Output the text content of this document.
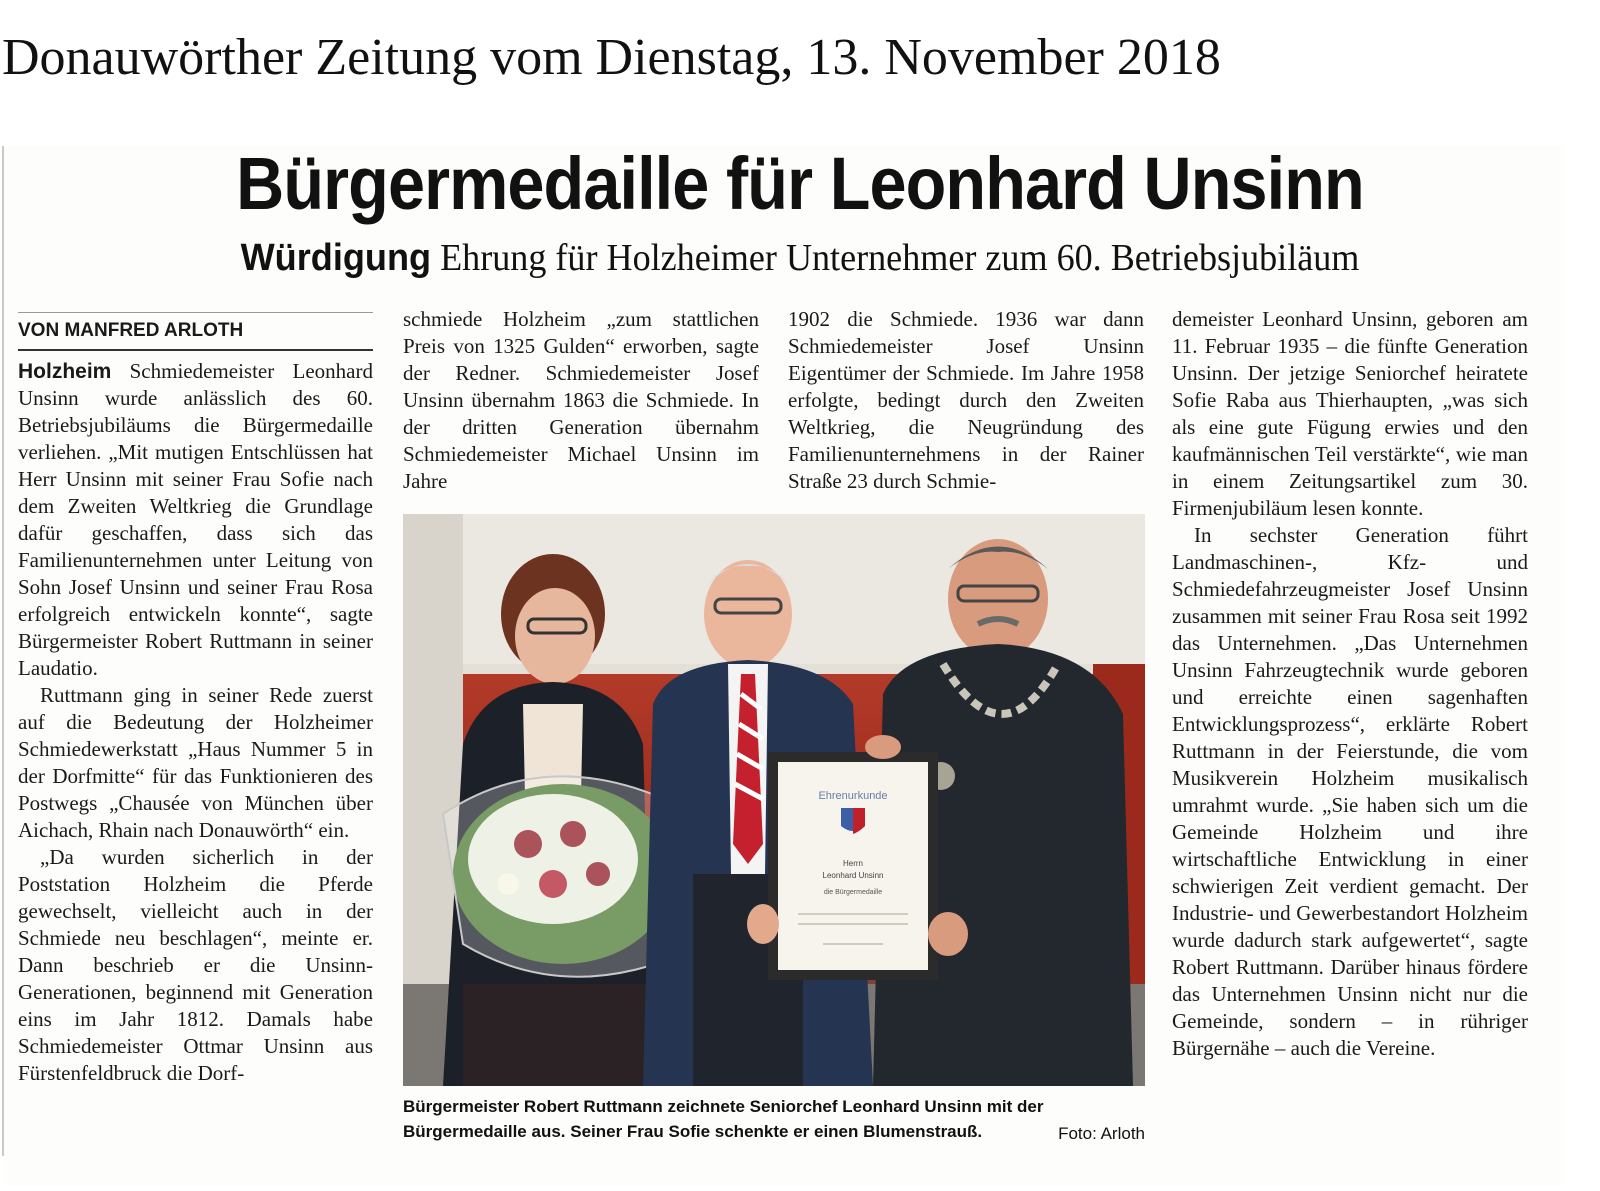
Donauwörther Zeitung vom Dienstag, 13. November 2018
Bürgermedaille für Leonhard Unsinn
Würdigung Ehrung für Holzheimer Unternehmer zum 60. Betriebsjubiläum
VON MANFRED ARLOTH

Holzheim Schmiedemeister Leonhard Unsinn wurde anlässlich des 60. Betriebsjubiläums die Bürgermedaille verliehen. „Mit mutigen Entschlüssen hat Herr Unsinn mit seiner Frau Sofie nach dem Zweiten Weltkrieg die Grundlage dafür geschaffen, dass sich das Familienunternehmen unter Leitung von Sohn Josef Unsinn und seiner Frau Rosa erfolgreich entwickeln konnte“, sagte Bürgermeister Robert Ruttmann in seiner Laudatio.

Ruttmann ging in seiner Rede zuerst auf die Bedeutung der Holzheimer Schmiedewerkstatt „Haus Nummer 5 in der Dorfmitte“ für das Funktionieren des Postwegs „Chausée von München über Aichach, Rhain nach Donauwörth“ ein.

„Da wurden sicherlich in der Poststation Holzheim die Pferde gewechselt, vielleicht auch in der Schmiede neu beschlagen“, meinte er. Dann beschrieb er die Unsinn-Generationen, beginnend mit Generation eins im Jahr 1812. Damals habe Schmiedemeister Ottmar Unsinn aus Fürstenfeldbruck die Dorf-

schmiede Holzheim „zum stattlichen Preis von 1325 Gulden“ erworben, sagte der Redner. Schmiedemeister Josef Unsinn übernahm 1863 die Schmiede. In der dritten Generation übernahm Schmiedemeister Michael Unsinn im Jahre

1902 die Schmiede. 1936 war dann Schmiedemeister Josef Unsinn Eigentümer der Schmiede. Im Jahre 1958 erfolgte, bedingt durch den Zweiten Weltkrieg, die Neugründung des Familienunternehmens in der Rainer Straße 23 durch Schmie-

demeister Leonhard Unsinn, geboren am 11. Februar 1935 – die fünfte Generation Unsinn. Der jetzige Seniorchef heiratete Sofie Raba aus Thierhaupten, „was sich als eine gute Fügung erwies und den kaufmännischen Teil verstärkte“, wie man in einem Zeitungsartikel zum 30. Firmenjubiläum lesen konnte.

In sechster Generation führt Landmaschinen-, Kfz- und Schmiedefahrzeugmeister Josef Unsinn zusammen mit seiner Frau Rosa seit 1992 das Unternehmen. „Das Unternehmen Unsinn Fahrzeugtechnik wurde geboren und erreichte einen sagenhaften Entwicklungsprozess“, erklärte Robert Ruttmann in der Feierstunde, die vom Musikverein Holzheim musikalisch umrahmt wurde. „Sie haben sich um die Gemeinde Holzheim und ihre wirtschaftliche Entwicklung in einer schwierigen Zeit verdient gemacht. Der Industrie- und Gewerbestandort Holzheim wurde dadurch stark aufgewertet“, sagte Robert Ruttmann. Darüber hinaus fördere das Unternehmen Unsinn nicht nur die Gemeinde, sondern – in rühriger Bürgernähe – auch die Vereine.

Ehrenurkunde
Herrn
Leonhard Unsinn
die Bürgermedaille
Bürgermeister Robert Ruttmann zeichnete Seniorchef Leonhard Unsinn mit der Bürgermedaille aus. Seiner Frau Sofie schenkte er einen Blumenstrauß.	Foto: Arloth
